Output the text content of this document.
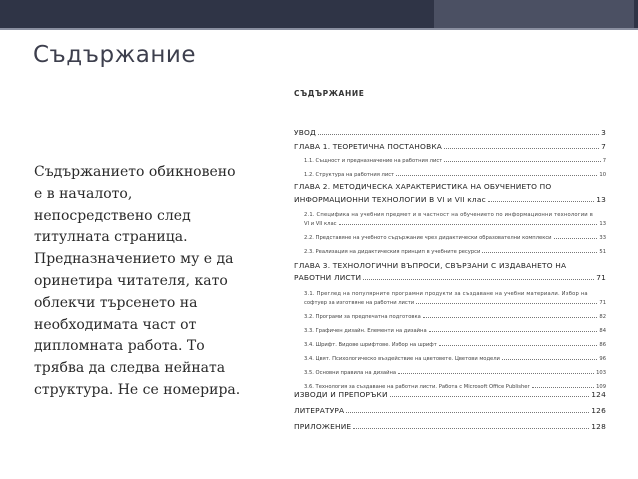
Съдържание
Съдържанието обикновено
е в началото,
непосредствено след
титулната страница.
Предназначението му е да
оринетира читателя, като
облекчи търсенето на
необходимата част от
дипломната работа. То
трябва да следва нейната
структура. Не се номерира.
СЪДЪРЖАНИЕ
УВОД	3
ГЛАВА 1. ТЕОРЕТИЧНА ПОСТАНОВКА	7
1.1. Същност и предназначение на работния лист	7
1.2. Структура на работния лист	10
ГЛАВА 2. МЕТОДИЧЕСКА ХАРАКТЕРИСТИКА НА ОБУЧЕНИЕТО ПО
ИНФОРМАЦИОННИ ТЕХНОЛОГИИ В VI и VII клас	13
2.1. Специфика на учебния предмет и в частност на обучението по информационни технологии в
VI и VII клас	13
2.2. Представяне на учебното съдържание чрез дидактически образователни комплекси	33
2.3. Реализация на дидактическия принцип в учебните ресурси	51
ГЛАВА 3. ТЕХНОЛОГИЧНИ ВЪПРОСИ, СВЪРЗАНИ С ИЗДАВАНЕТО НА
РАБОТНИ ЛИСТИ	71
3.1. Преглед на популярните програмни продукти за създаване на учебни материали. Избор на
софтуер за изготвяне на работни листи	71
3.2. Програми за предпечатна подготовка	82
3.3. Графичен дизайн. Елементи на дизайна	84
3.4. Шрифт. Видове шрифтове. Избор на шрифт	86
3.4. Цвят. Психологическо въздействие на цветовете. Цветови модели	96
3.5. Основни правила на дизайна	103
3.6. Технология за създаване на работни листи. Работа с Microsoft Office Publisher	109
ИЗВОДИ И ПРЕПОРЪКИ	124
ЛИТЕРАТУРА	126
ПРИЛОЖЕНИЕ	128
